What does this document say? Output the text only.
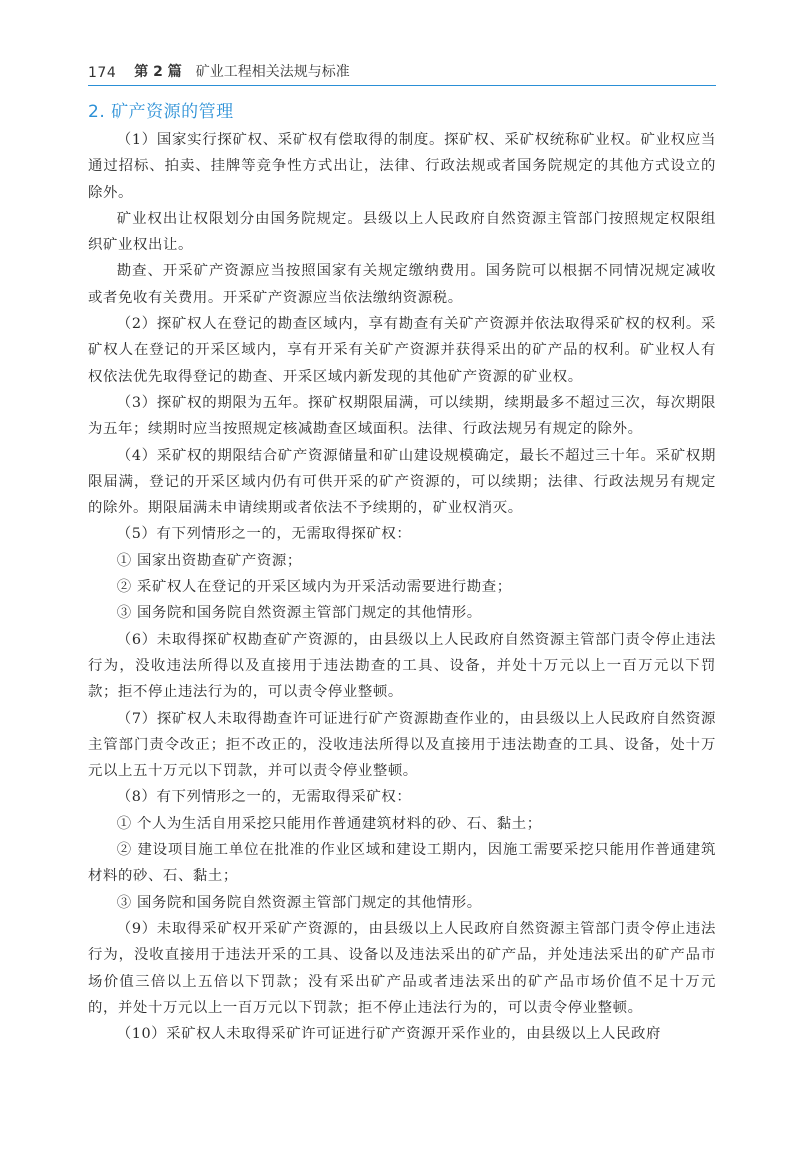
174 第 2 篇 矿业工程相关法规与标准
2. 矿产资源的管理

（1）国家实行探矿权、采矿权有偿取得的制度。探矿权、采矿权统称矿业权。矿业权应当通过招标、拍卖、挂牌等竞争性方式出让，法律、行政法规或者国务院规定的其他方式设立的除外。

矿业权出让权限划分由国务院规定。县级以上人民政府自然资源主管部门按照规定权限组织矿业权出让。

勘查、开采矿产资源应当按照国家有关规定缴纳费用。国务院可以根据不同情况规定减收或者免收有关费用。开采矿产资源应当依法缴纳资源税。

（2）探矿权人在登记的勘查区域内，享有勘查有关矿产资源并依法取得采矿权的权利。采矿权人在登记的开采区域内，享有开采有关矿产资源并获得采出的矿产品的权利。矿业权人有权依法优先取得登记的勘查、开采区域内新发现的其他矿产资源的矿业权。

（3）探矿权的期限为五年。探矿权期限届满，可以续期，续期最多不超过三次，每次期限为五年；续期时应当按照规定核减勘查区域面积。法律、行政法规另有规定的除外。

（4）采矿权的期限结合矿产资源储量和矿山建设规模确定，最长不超过三十年。采矿权期限届满，登记的开采区域内仍有可供开采的矿产资源的，可以续期；法律、行政法规另有规定的除外。期限届满未申请续期或者依法不予续期的，矿业权消灭。

（5）有下列情形之一的，无需取得探矿权：

① 国家出资勘查矿产资源；

② 采矿权人在登记的开采区域内为开采活动需要进行勘查；

③ 国务院和国务院自然资源主管部门规定的其他情形。

（6）未取得探矿权勘查矿产资源的，由县级以上人民政府自然资源主管部门责令停止违法行为，没收违法所得以及直接用于违法勘查的工具、设备，并处十万元以上一百万元以下罚款；拒不停止违法行为的，可以责令停业整顿。

（7）探矿权人未取得勘查许可证进行矿产资源勘查作业的，由县级以上人民政府自然资源主管部门责令改正；拒不改正的，没收违法所得以及直接用于违法勘查的工具、设备，处十万元以上五十万元以下罚款，并可以责令停业整顿。

（8）有下列情形之一的，无需取得采矿权：

① 个人为生活自用采挖只能用作普通建筑材料的砂、石、黏土；

② 建设项目施工单位在批准的作业区域和建设工期内，因施工需要采挖只能用作普通建筑材料的砂、石、黏土；

③ 国务院和国务院自然资源主管部门规定的其他情形。

（9）未取得采矿权开采矿产资源的，由县级以上人民政府自然资源主管部门责令停止违法行为，没收直接用于违法开采的工具、设备以及违法采出的矿产品，并处违法采出的矿产品市场价值三倍以上五倍以下罚款；没有采出矿产品或者违法采出的矿产品市场价值不足十万元的，并处十万元以上一百万元以下罚款；拒不停止违法行为的，可以责令停业整顿。

（10）采矿权人未取得采矿许可证进行矿产资源开采作业的，由县级以上人民政府
